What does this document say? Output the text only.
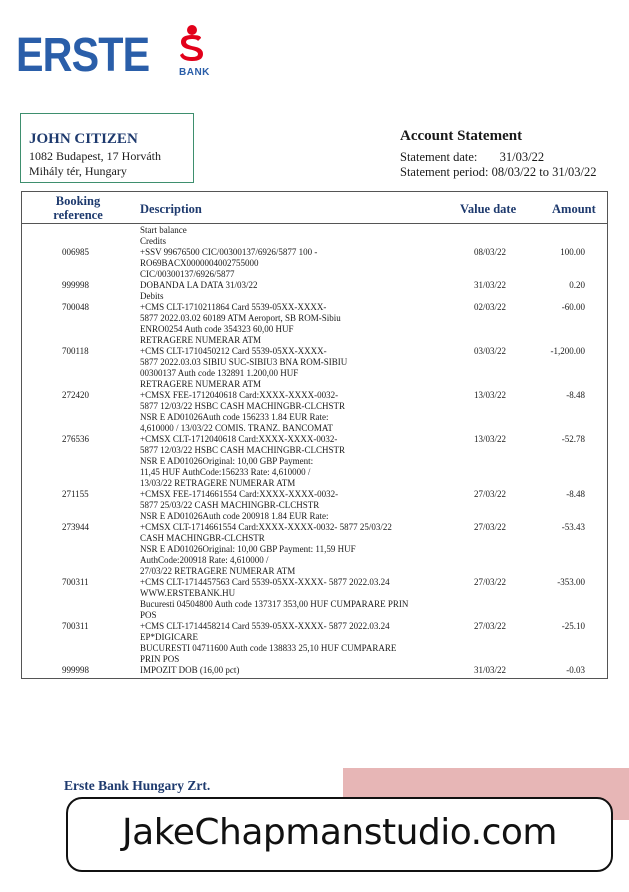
ERSTE	BANK
JOHN CITIZEN
1082 Budapest, 17 Horváth
Mihály tér, Hungary
Account Statement
Statement date: 31/03/22
Statement period: 08/03/22 to 31/03/22
Booking
reference	Description	Value date	Amount
Start balance
Credits
006985	+SSV 99676500 CIC/00300137/6926/5877 100 -	08/03/22	100.00
RO69BACX0000004002755000
CIC/00300137/6926/5877
999998	DOBANDA LA DATA 31/03/22	31/03/22	0.20
Debits
700048	+CMS CLT-1710211864 Card 5539-05XX-XXXX-	02/03/22	-60.00
5877 2022.03.02 60189 ATM Aeroport, SB ROM-Sibiu
ENRO0254 Auth code 354323 60,00 HUF
RETRAGERE NUMERAR ATM
700118	+CMS CLT-1710450212 Card 5539-05XX-XXXX-	03/03/22	-1,200.00
5877 2022.03.03 SIBIU SUC-SIBIU3 BNA ROM-SIBIU
00300137 Auth code 132891 1.200,00 HUF
RETRAGERE NUMERAR ATM
272420	+CMSX FEE-1712040618 Card:XXXX-XXXX-0032-	13/03/22	-8.48
5877 12/03/22 HSBC CASH MACHINGBR-CLCHSTR
NSR E AD01026Auth code 156233 1.84 EUR Rate:
4,610000 / 13/03/22 COMIS. TRANZ. BANCOMAT
276536	+CMSX CLT-1712040618 Card:XXXX-XXXX-0032-	13/03/22	-52.78
5877 12/03/22 HSBC CASH MACHINGBR-CLCHSTR
NSR E AD01026Original: 10,00 GBP Payment:
11,45 HUF AuthCode:156233 Rate: 4,610000 /
13/03/22 RETRAGERE NUMERAR ATM
271155	+CMSX FEE-1714661554 Card:XXXX-XXXX-0032-	27/03/22	-8.48
5877 25/03/22 CASH MACHINGBR-CLCHSTR
NSR E AD01026Auth code 200918 1.84 EUR Rate:
273944	+CMSX CLT-1714661554 Card:XXXX-XXXX-0032- 5877 25/03/22	27/03/22	-53.43
CASH MACHINGBR-CLCHSTR
NSR E AD01026Original: 10,00 GBP Payment: 11,59 HUF
AuthCode:200918 Rate: 4,610000 /
27/03/22 RETRAGERE NUMERAR ATM
700311	+CMS CLT-1714457563 Card 5539-05XX-XXXX- 5877 2022.03.24	27/03/22	-353.00
WWW.ERSTEBANK.HU
Bucuresti 04504800 Auth code 137317 353,00 HUF CUMPARARE PRIN
POS
700311	+CMS CLT-1714458214 Card 5539-05XX-XXXX- 5877 2022.03.24	27/03/22	-25.10
EP*DIGICARE
BUCURESTI 04711600 Auth code 138833 25,10 HUF CUMPARARE
PRIN POS
999998	IMPOZIT DOB (16,00 pct)	31/03/22	-0.03
Erste Bank Hungary Zrt.
JakeChapmanstudio.com
